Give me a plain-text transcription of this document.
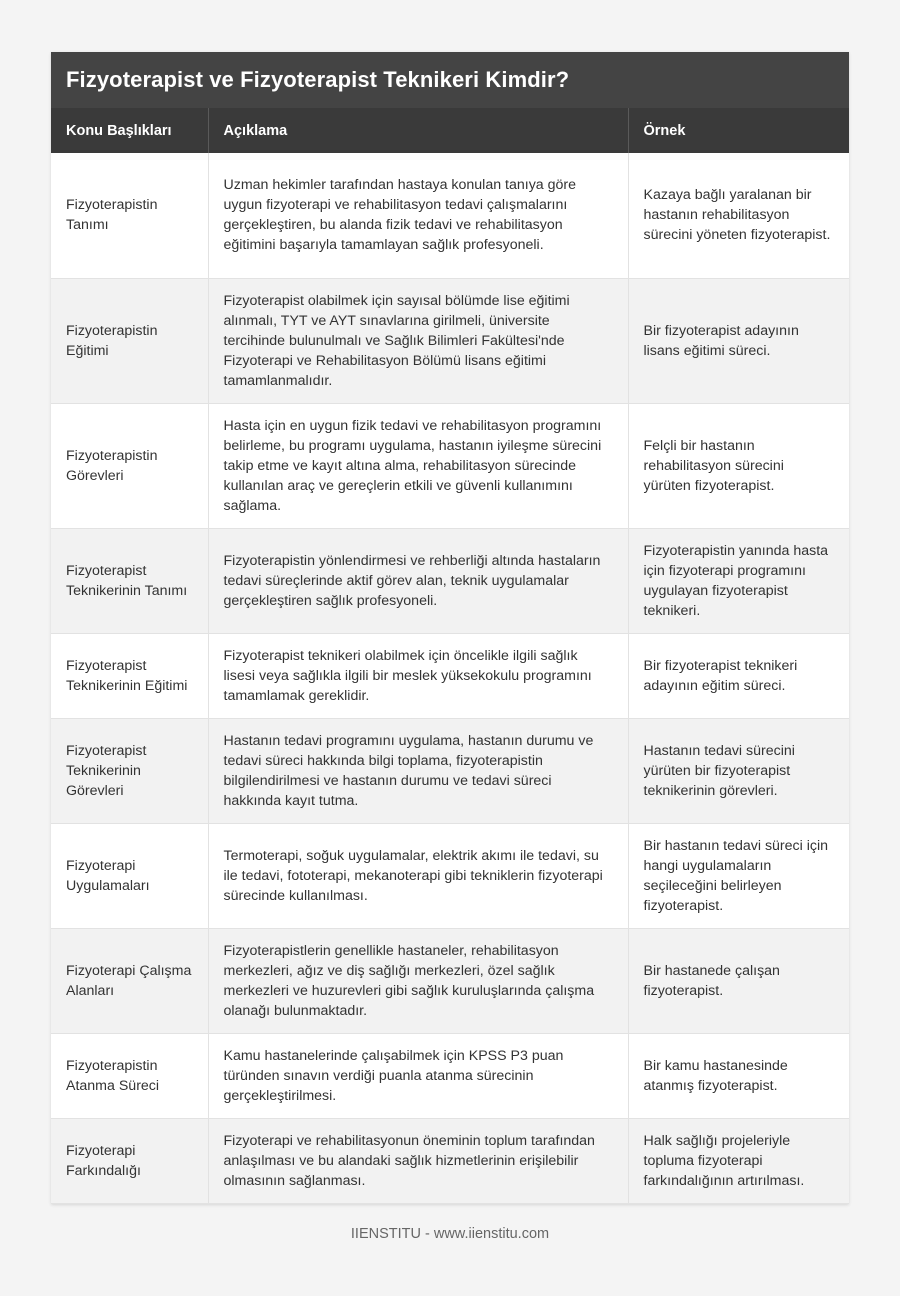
Fizyoterapist ve Fizyoterapist Teknikeri Kimdir?
Konu Başlıkları	Açıklama	Örnek
Fizyoterapistin Tanımı	Uzman hekimler tarafından hastaya konulan tanıya göre uygun fizyoterapi ve rehabilitasyon tedavi çalışmalarını gerçekleştiren, bu alanda fizik tedavi ve rehabilitasyon eğitimini başarıyla tamamlayan sağlık profesyoneli.	Kazaya bağlı yaralanan bir hastanın rehabilitasyon sürecini yöneten fizyoterapist.
Fizyoterapistin Eğitimi	Fizyoterapist olabilmek için sayısal bölümde lise eğitimi alınmalı, TYT ve AYT sınavlarına girilmeli, üniversite tercihinde bulunulmalı ve Sağlık Bilimleri Fakültesi'nde Fizyoterapi ve Rehabilitasyon Bölümü lisans eğitimi tamamlanmalıdır.	Bir fizyoterapist adayının lisans eğitimi süreci.
Fizyoterapistin Görevleri	Hasta için en uygun fizik tedavi ve rehabilitasyon programını belirleme, bu programı uygulama, hastanın iyileşme sürecini takip etme ve kayıt altına alma, rehabilitasyon sürecinde kullanılan araç ve gereçlerin etkili ve güvenli kullanımını sağlama.	Felçli bir hastanın rehabilitasyon sürecini yürüten fizyoterapist.
Fizyoterapist Teknikerinin Tanımı	Fizyoterapistin yönlendirmesi ve rehberliği altında hastaların tedavi süreçlerinde aktif görev alan, teknik uygulamalar gerçekleştiren sağlık profesyoneli.	Fizyoterapistin yanında hasta için fizyoterapi programını uygulayan fizyoterapist teknikeri.
Fizyoterapist Teknikerinin Eğitimi	Fizyoterapist teknikeri olabilmek için öncelikle ilgili sağlık lisesi veya sağlıkla ilgili bir meslek yüksekokulu programını tamamlamak gereklidir.	Bir fizyoterapist teknikeri adayının eğitim süreci.
Fizyoterapist Teknikerinin Görevleri	Hastanın tedavi programını uygulama, hastanın durumu ve tedavi süreci hakkında bilgi toplama, fizyoterapistin bilgilendirilmesi ve hastanın durumu ve tedavi süreci hakkında kayıt tutma.	Hastanın tedavi sürecini yürüten bir fizyoterapist teknikerinin görevleri.
Fizyoterapi Uygulamaları	Termoterapi, soğuk uygulamalar, elektrik akımı ile tedavi, su ile tedavi, fototerapi, mekanoterapi gibi tekniklerin fizyoterapi sürecinde kullanılması.	Bir hastanın tedavi süreci için hangi uygulamaların seçileceğini belirleyen fizyoterapist.
Fizyoterapi Çalışma Alanları	Fizyoterapistlerin genellikle hastaneler, rehabilitasyon merkezleri, ağız ve diş sağlığı merkezleri, özel sağlık merkezleri ve huzurevleri gibi sağlık kuruluşlarında çalışma olanağı bulunmaktadır.	Bir hastanede çalışan fizyoterapist.
Fizyoterapistin Atanma Süreci	Kamu hastanelerinde çalışabilmek için KPSS P3 puan türünden sınavın verdiği puanla atanma sürecinin gerçekleştirilmesi.	Bir kamu hastanesinde atanmış fizyoterapist.
Fizyoterapi Farkındalığı	Fizyoterapi ve rehabilitasyonun öneminin toplum tarafından anlaşılması ve bu alandaki sağlık hizmetlerinin erişilebilir olmasının sağlanması.	Halk sağlığı projeleriyle topluma fizyoterapi farkındalığının artırılması.
IIENSTITU - www.iienstitu.com
